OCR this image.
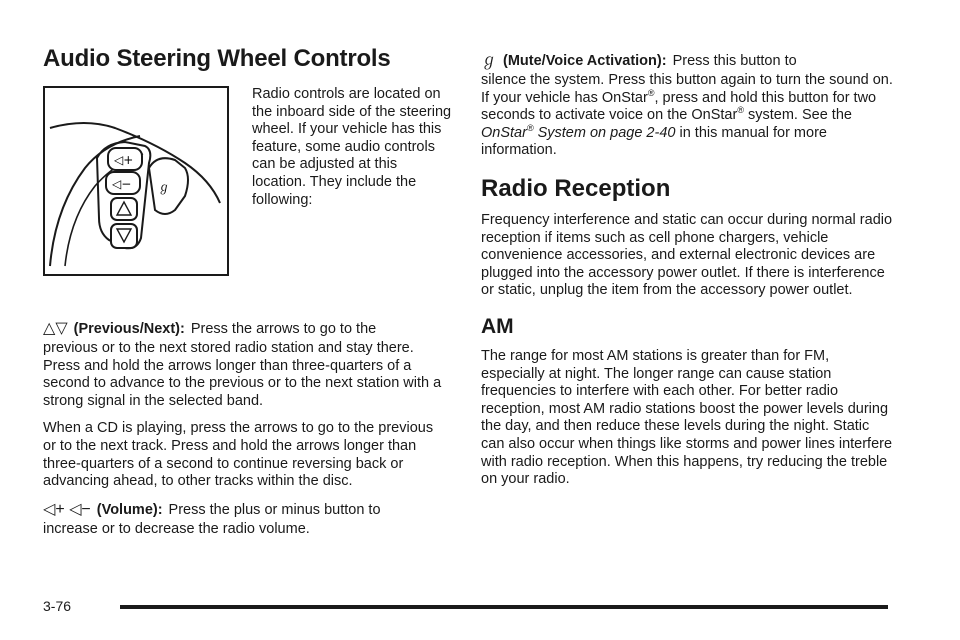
Audio Steering Wheel Controls
◁+
◁− ℊ

Radio controls are located on the inboard side of the steering wheel. If your vehicle has this feature, some audio controls can be adjusted at this location. They include the following:

△▽ (Previous/Next): Press the arrows to go to the

previous or to the next stored radio station and stay there. Press and hold the arrows longer than three-quarters of a second to advance to the previous or to the next station with a strong signal in the selected band.

When a CD is playing, press the arrows to go to the previous or to the next track. Press and hold the arrows longer than three-quarters of a second to continue reversing back or advancing ahead, to other tracks within the disc.

◁+ ◁− (Volume): Press the plus or minus button to

increase or to decrease the radio volume.

ℊ (Mute/Voice Activation): Press this button to

silence the system. Press this button again to turn the sound on. If your vehicle has OnStar®, press and hold this button for two seconds to activate voice on the OnStar® system. See the OnStar® System on page 2-40 in this manual for more information.

Radio Reception

Frequency interference and static can occur during normal radio reception if items such as cell phone chargers, vehicle convenience accessories, and external electronic devices are plugged into the accessory power outlet. If there is interference or static, unplug the item from the accessory power outlet.

AM

The range for most AM stations is greater than for FM, especially at night. The longer range can cause station frequencies to interfere with each other. For better radio reception, most AM radio stations boost the power levels during the day, and then reduce these levels during the night. Static can also occur when things like storms and power lines interfere with radio reception. When this happens, try reducing the treble on your radio.

3-76
